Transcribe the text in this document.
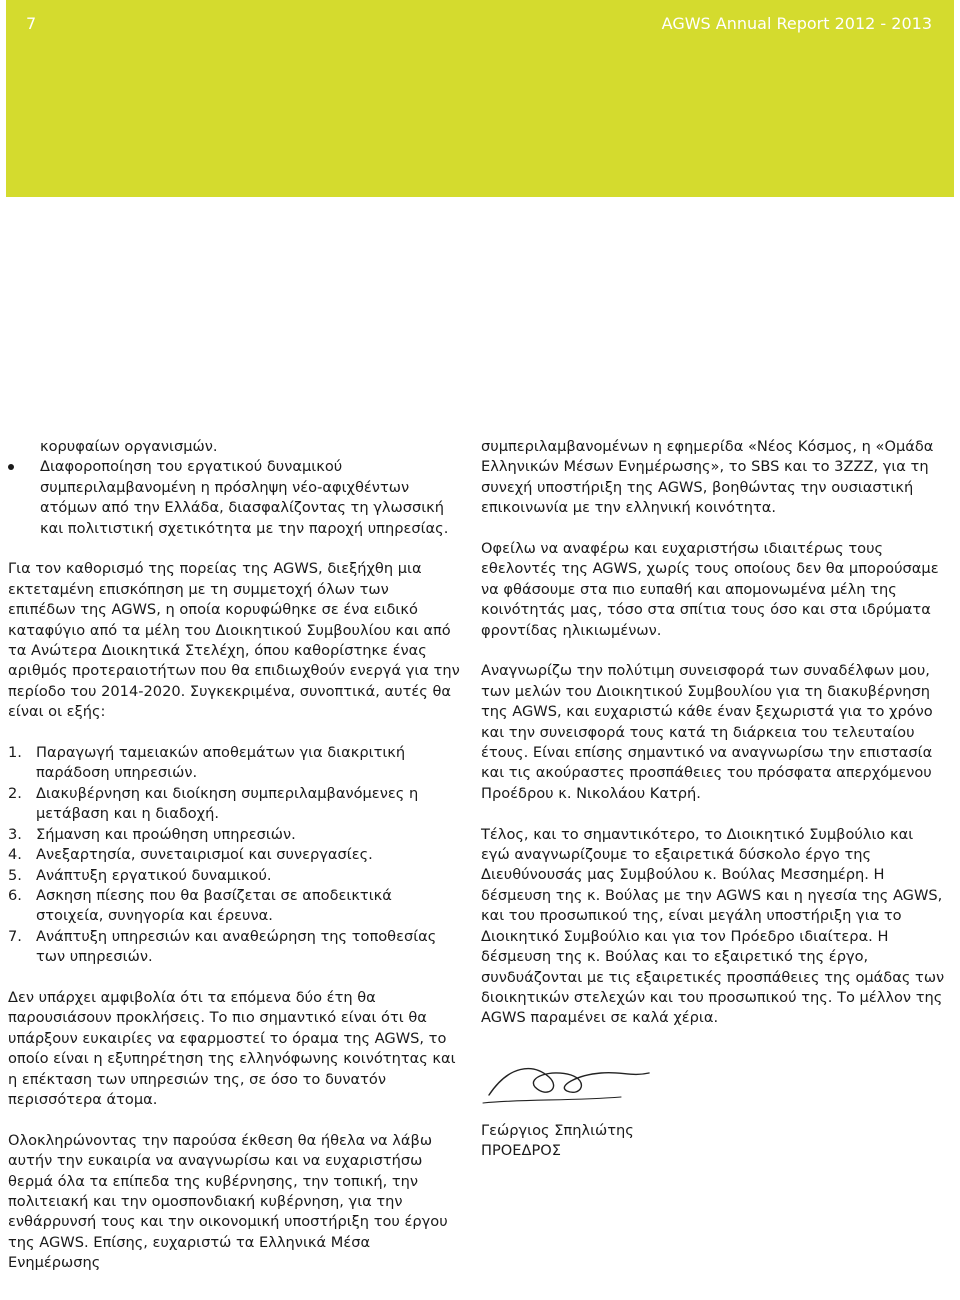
7	AGWS Annual Report 2012 - 2013

κορυφαίων οργανισμών.

Διαφοροποίηση του εργατικού δυναμικού συμπεριλαμβανομένη η πρόσληψη νέο-αφιχθέντων ατόμων από την Ελλάδα, διασφαλίζοντας τη γλωσσική και πολιτιστική σχετικότητα με την παροχή υπηρεσίας.

Για τον καθορισμό της πορείας της AGWS, διεξήχθη μια εκτεταμένη επισκόπηση με τη συμμετοχή όλων των επιπέδων της AGWS, η οποία κορυφώθηκε σε ένα ειδικό καταφύγιο από τα μέλη του Διοικητικού Συμβουλίου και από τα Ανώτερα Διοικητικά Στελέχη, όπου καθορίστηκε ένας αριθμός προτεραιοτήτων που θα επιδιωχθούν ενεργά για την περίοδο του 2014-2020. Συγκεκριμένα, συνοπτικά, αυτές θα είναι οι εξής:

1. Παραγωγή ταμειακών αποθεμάτων για διακριτική παράδοση υπηρεσιών.
2. Διακυβέρνηση και διοίκηση συμπεριλαμβανόμενες η μετάβαση και η διαδοχή.
3. Σήμανση και προώθηση υπηρεσιών.
4. Ανεξαρτησία, συνεταιρισμοί και συνεργασίες.
5. Ανάπτυξη εργατικού δυναμικού.
6. Ασκηση πίεσης που θα βασίζεται σε αποδεικτικά στοιχεία, συνηγορία και έρευνα.
7. Ανάπτυξη υπηρεσιών και αναθεώρηση της τοποθεσίας των υπηρεσιών.

Δεν υπάρχει αμφιβολία ότι τα επόμενα δύο έτη θα παρουσιάσουν προκλήσεις. Το πιο σημαντικό είναι ότι θα υπάρξουν ευκαιρίες να εφαρμοστεί το όραμα της AGWS, το οποίο είναι η εξυπηρέτηση της ελληνόφωνης κοινότητας και η επέκταση των υπηρεσιών της, σε όσο το δυνατόν περισσότερα άτομα.

Ολοκληρώνοντας την παρούσα έκθεση θα ήθελα να λάβω αυτήν την ευκαιρία να αναγνωρίσω και να ευχαριστήσω θερμά όλα τα επίπεδα της κυβέρνησης, την τοπική, την πολιτειακή και την ομοσπονδιακή κυβέρνηση, για την ενθάρρυνσή τους και την οικονομική υποστήριξη του έργου της AGWS. Επίσης, ευχαριστώ τα Ελληνικά Μέσα Ενημέρωσης

συμπεριλαμβανομένων η εφημερίδα «Νέος Κόσμος, η «Ομάδα Ελληνικών Μέσων Ενημέρωσης», το SBS και το 3ZZZ, για τη συνεχή υποστήριξη της AGWS, βοηθώντας την ουσιαστική επικοινωνία με την ελληνική κοινότητα.

Οφείλω να αναφέρω και ευχαριστήσω ιδιαιτέρως τους εθελοντές της AGWS, χωρίς τους οποίους δεν θα μπορούσαμε να φθάσουμε στα πιο ευπαθή και απομονωμένα μέλη της κοινότητάς μας, τόσο στα σπίτια τους όσο και στα ιδρύματα φροντίδας ηλικιωμένων.

Αναγνωρίζω την πολύτιμη συνεισφορά των συναδέλφων μου, των μελών του Διοικητικού Συμβουλίου για τη διακυβέρνηση της AGWS, και ευχαριστώ κάθε έναν ξεχωριστά για το χρόνο και την συνεισφορά τους κατά τη διάρκεια του τελευταίου έτους. Είναι επίσης σημαντικό να αναγνωρίσω την επιστασία και τις ακούραστες προσπάθειες του πρόσφατα απερχόμενου Προέδρου κ. Νικολάου Κατρή.

Τέλος, και το σημαντικότερο, το Διοικητικό Συμβούλιο και εγώ αναγνωρίζουμε το εξαιρετικά δύσκολο έργο της Διευθύνουσάς μας Συμβούλου κ. Βούλας Μεσσημέρη. Η δέσμευση της κ. Βούλας με την AGWS και η ηγεσία της AGWS, και του προσωπικού της, είναι μεγάλη υποστήριξη για το Διοικητικό Συμβούλιο και για τον Πρόεδρο ιδιαίτερα. Η δέσμευση της κ. Βούλας και το εξαιρετικό της έργο, συνδυάζονται με τις εξαιρετικές προσπάθειες της ομάδας των διοικητικών στελεχών και του προσωπικού της. Το μέλλον της AGWS παραμένει σε καλά χέρια.

Γεώργιος Σπηλιώτης

ΠΡΟΕΔΡΟΣ
